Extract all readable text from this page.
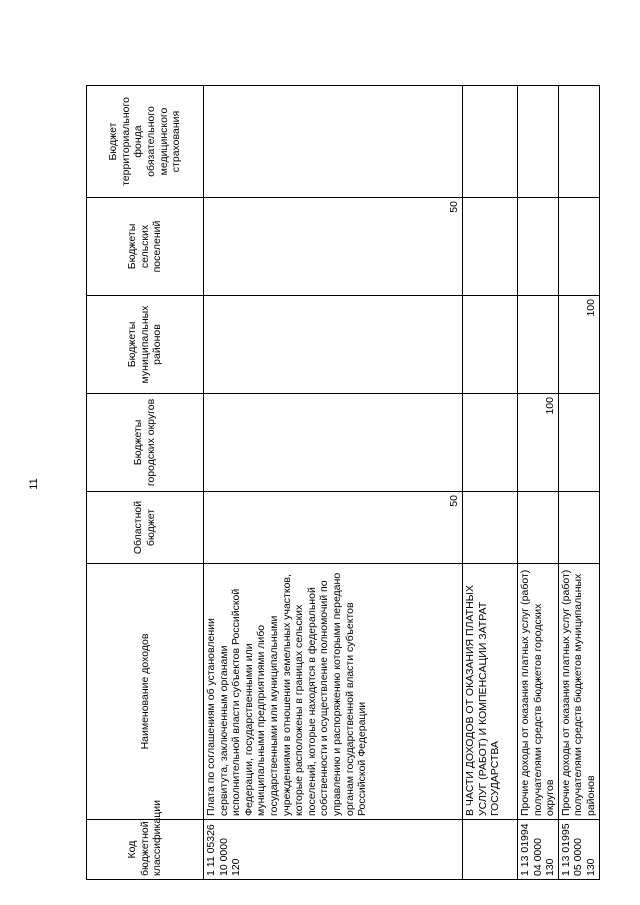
11
Код бюджетной классификации	Наименование доходов	Областной бюджет	Бюджеты городских округов	Бюджеты муниципальных районов	Бюджеты сельских поселений	Бюджет территориального фонда обязательного медицинского страхования
1 11 05326 10 0000 120	Плата по соглашениям об установлении сервитута, заключенным органами исполнительной власти субъектов Российской Федерации, государственными или муниципальными предприятиями либо государственными или муниципальными учреждениями в отношении земельных участков, которые расположены в границах сельских поселений, которые находятся в федеральной собственности и осуществление полномочий по управлению и распоряжению которыми передано органам государственной власти субъектов Российской Федерации	50			50	
	В ЧАСТИ ДОХОДОВ ОТ ОКАЗАНИЯ ПЛАТНЫХ УСЛУГ (РАБОТ) И КОМПЕНСАЦИИ ЗАТРАТ ГОСУДАРСТВА					
1 13 01994 04 0000 130	Прочие доходы от оказания платных услуг (работ) получателями средств бюджетов городских округов		100			
1 13 01995 05 0000 130	Прочие доходы от оказания платных услуг (работ) получателями средств бюджетов муниципальных районов			100		
